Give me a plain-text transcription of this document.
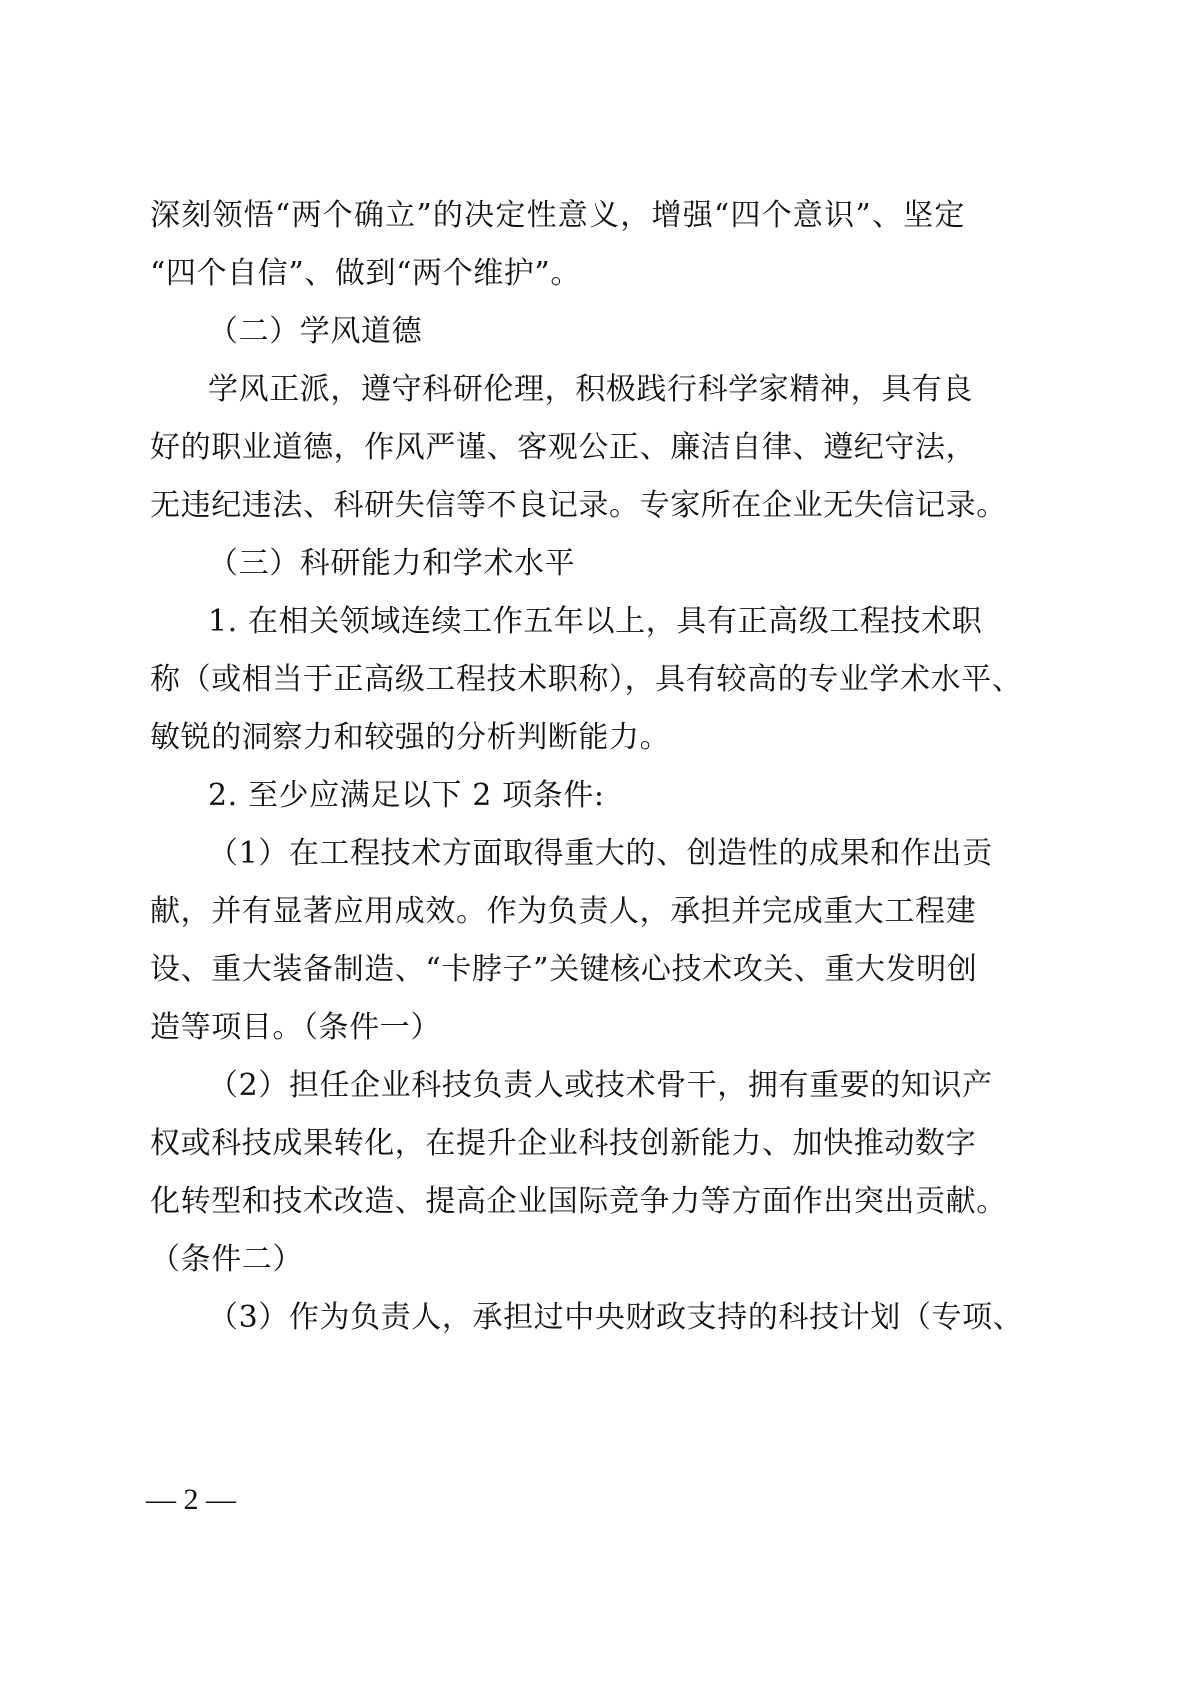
深刻领悟“两个确立”的决定性意义，增强“四个意识”、坚定
“四个自信”、做到“两个维护”。
（二）学风道德
学风正派，遵守科研伦理，积极践行科学家精神，具有良
好的职业道德，作风严谨、客观公正、廉洁自律、遵纪守法，
无违纪违法、科研失信等不良记录。专家所在企业无失信记录。
（三）科研能力和学术水平
1. 在相关领域连续工作五年以上，具有正高级工程技术职
称（或相当于正高级工程技术职称），具有较高的专业学术水平、
敏锐的洞察力和较强的分析判断能力。
2. 至少应满足以下 2 项条件:
（1）在工程技术方面取得重大的、创造性的成果和作出贡
献，并有显著应用成效。作为负责人，承担并完成重大工程建
设、重大装备制造、“卡脖子”关键核心技术攻关、重大发明创
造等项目。（条件一）
（2）担任企业科技负责人或技术骨干，拥有重要的知识产
权或科技成果转化，在提升企业科技创新能力、加快推动数字
化转型和技术改造、提高企业国际竞争力等方面作出突出贡献。
（条件二）
（3）作为负责人，承担过中央财政支持的科技计划（专项、
— 2 —
